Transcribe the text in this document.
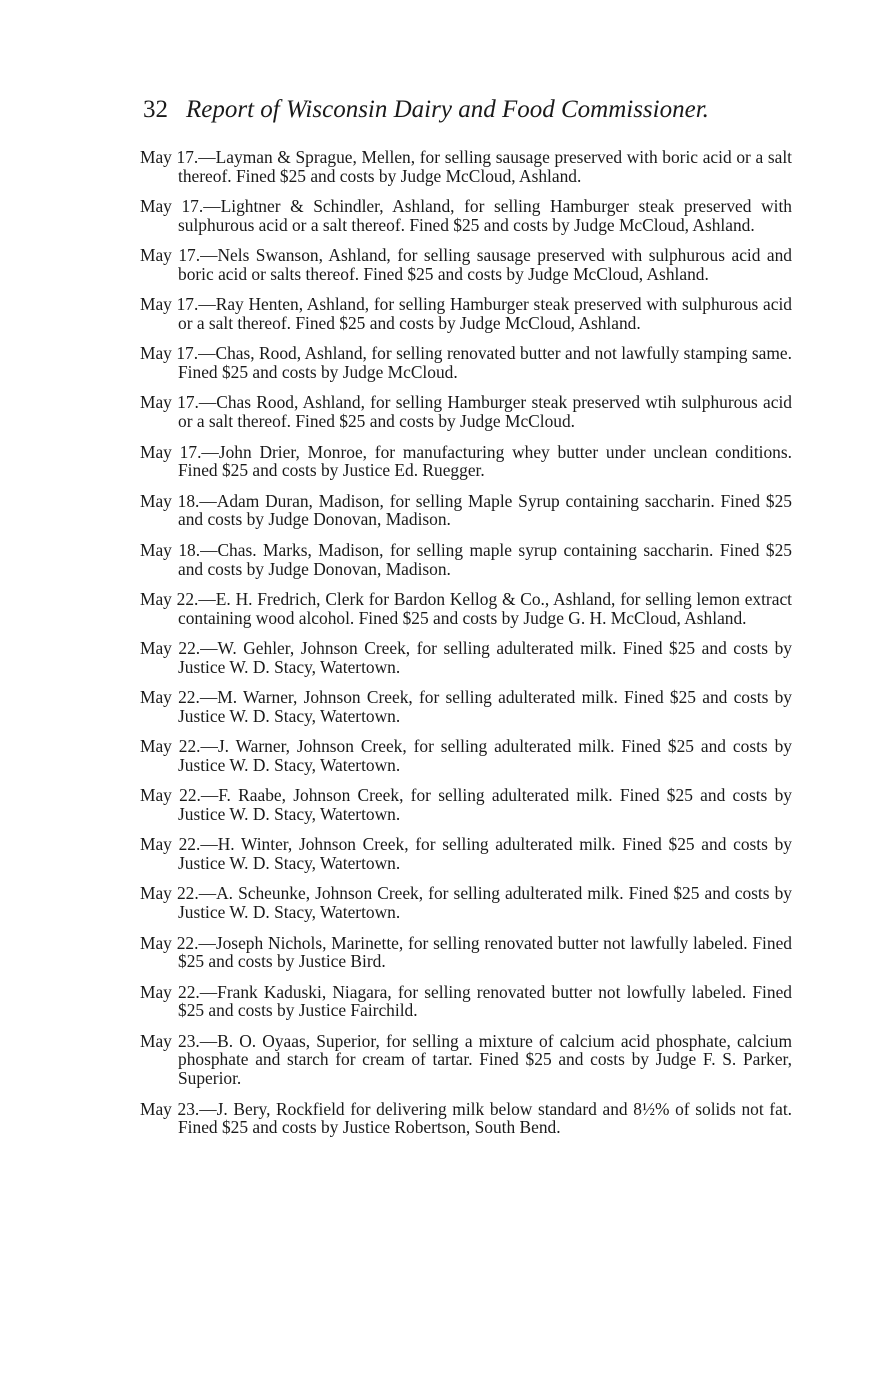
32 Report of Wisconsin Dairy and Food Commissioner.

May 17.—Layman & Sprague, Mellen, for selling sausage preserved with boric acid or a salt thereof. Fined $25 and costs by Judge McCloud, Ashland.

May 17.—Lightner & Schindler, Ashland, for selling Hamburger steak preserved with sulphurous acid or a salt thereof. Fined $25 and costs by Judge McCloud, Ashland.

May 17.—Nels Swanson, Ashland, for selling sausage preserved with sulphurous acid and boric acid or salts thereof. Fined $25 and costs by Judge McCloud, Ashland.

May 17.—Ray Henten, Ashland, for selling Hamburger steak preserved with sulphurous acid or a salt thereof. Fined $25 and costs by Judge McCloud, Ashland.

May 17.—Chas, Rood, Ashland, for selling renovated butter and not lawfully stamping same. Fined $25 and costs by Judge McCloud.

May 17.—Chas Rood, Ashland, for selling Hamburger steak preserved wtih sulphurous acid or a salt thereof. Fined $25 and costs by Judge McCloud.

May 17.—John Drier, Monroe, for manufacturing whey butter under unclean conditions. Fined $25 and costs by Justice Ed. Ruegger.

May 18.—Adam Duran, Madison, for selling Maple Syrup containing saccharin. Fined $25 and costs by Judge Donovan, Madison.

May 18.—Chas. Marks, Madison, for selling maple syrup containing saccharin. Fined $25 and costs by Judge Donovan, Madison.

May 22.—E. H. Fredrich, Clerk for Bardon Kellog & Co., Ashland, for selling lemon extract containing wood alcohol. Fined $25 and costs by Judge G. H. McCloud, Ashland.

May 22.—W. Gehler, Johnson Creek, for selling adulterated milk. Fined $25 and costs by Justice W. D. Stacy, Watertown.

May 22.—M. Warner, Johnson Creek, for selling adulterated milk. Fined $25 and costs by Justice W. D. Stacy, Watertown.

May 22.—J. Warner, Johnson Creek, for selling adulterated milk. Fined $25 and costs by Justice W. D. Stacy, Watertown.

May 22.—F. Raabe, Johnson Creek, for selling adulterated milk. Fined $25 and costs by Justice W. D. Stacy, Watertown.

May 22.—H. Winter, Johnson Creek, for selling adulterated milk. Fined $25 and costs by Justice W. D. Stacy, Watertown.

May 22.—A. Scheunke, Johnson Creek, for selling adulterated milk. Fined $25 and costs by Justice W. D. Stacy, Watertown.

May 22.—Joseph Nichols, Marinette, for selling renovated butter not lawfully labeled. Fined $25 and costs by Justice Bird.

May 22.—Frank Kaduski, Niagara, for selling renovated butter not lowfully labeled. Fined $25 and costs by Justice Fairchild.

May 23.—B. O. Oyaas, Superior, for selling a mixture of calcium acid phosphate, calcium phosphate and starch for cream of tartar. Fined $25 and costs by Judge F. S. Parker, Superior.

May 23.—J. Bery, Rockfield for delivering milk below standard and 8½% of solids not fat. Fined $25 and costs by Justice Robertson, South Bend.
